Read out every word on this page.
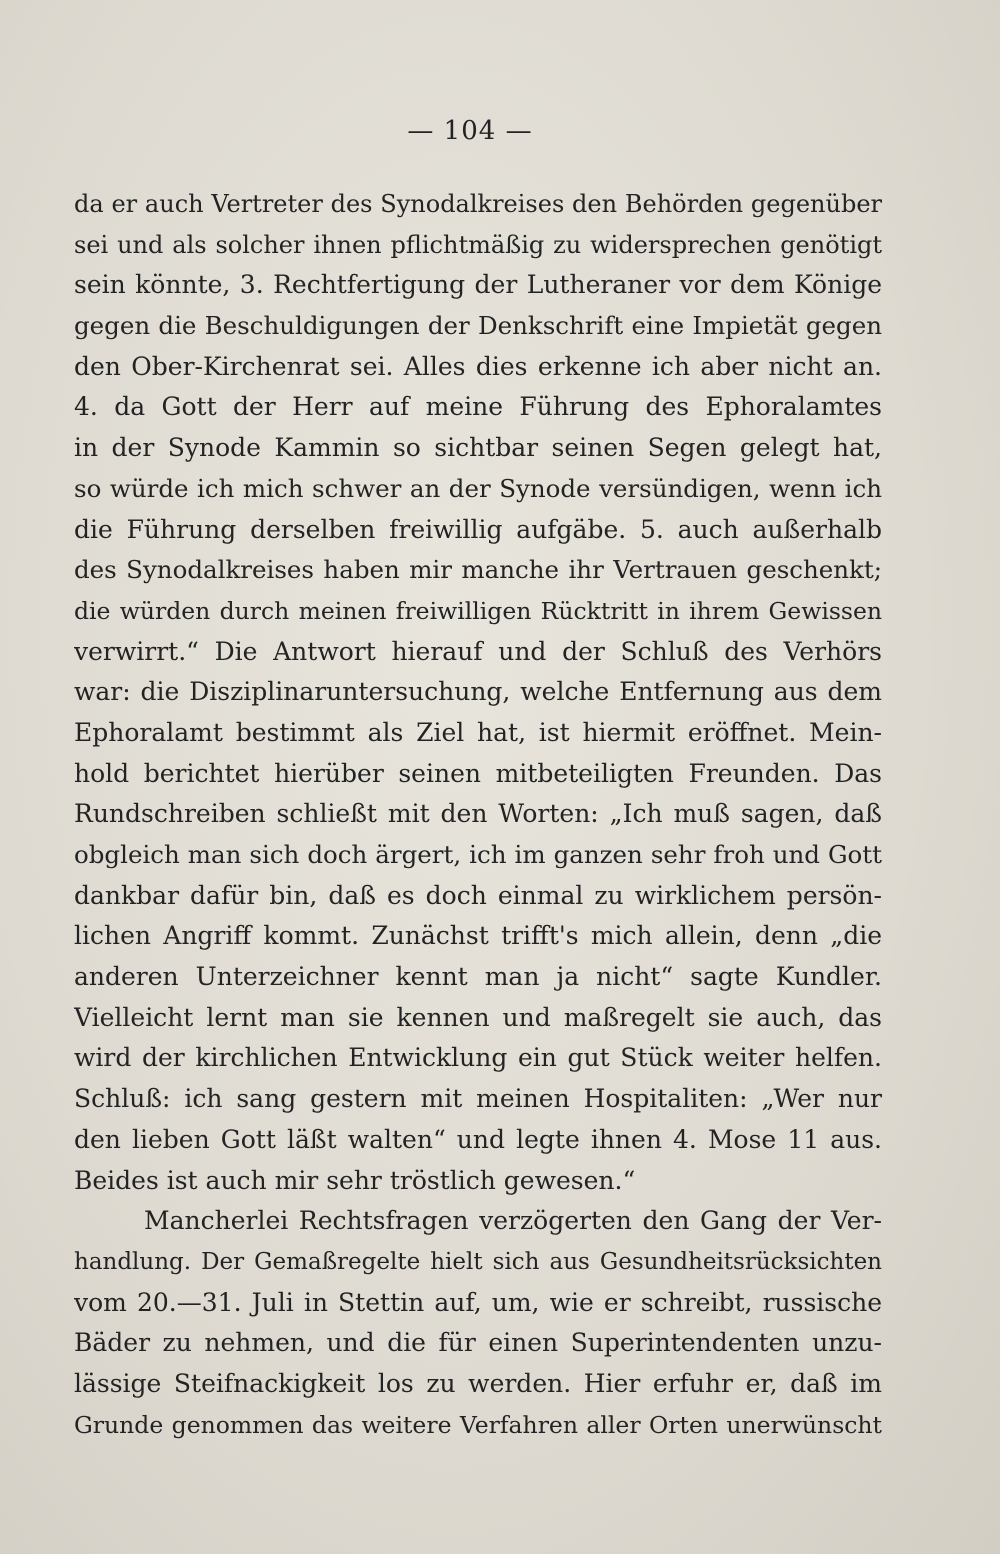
— 104 —
da er auch Vertreter des Synodalkreises den Behörden gegenüber
sei und als solcher ihnen pflichtmäßig zu widersprechen genötigt
sein könnte, 3. Rechtfertigung der Lutheraner vor dem Könige
gegen die Beschuldigungen der Denkschrift eine Impietät gegen
den Ober-Kirchenrat sei. Alles dies erkenne ich aber nicht an.
4. da Gott der Herr auf meine Führung des Ephoralamtes
in der Synode Kammin so sichtbar seinen Segen gelegt hat,
so würde ich mich schwer an der Synode versündigen, wenn ich
die Führung derselben freiwillig aufgäbe. 5. auch außerhalb
des Synodalkreises haben mir manche ihr Vertrauen geschenkt;
die würden durch meinen freiwilligen Rücktritt in ihrem Gewissen
verwirrt.“ Die Antwort hierauf und der Schluß des Verhörs
war: die Disziplinaruntersuchung, welche Entfernung aus dem
Ephoralamt bestimmt als Ziel hat, ist hiermit eröffnet. Mein-
hold berichtet hierüber seinen mitbeteiligten Freunden. Das
Rundschreiben schließt mit den Worten: „Ich muß sagen, daß
obgleich man sich doch ärgert, ich im ganzen sehr froh und Gott
dankbar dafür bin, daß es doch einmal zu wirklichem persön-
lichen Angriff kommt. Zunächst trifft's mich allein, denn „die
anderen Unterzeichner kennt man ja nicht“ sagte Kundler.
Vielleicht lernt man sie kennen und maßregelt sie auch, das
wird der kirchlichen Entwicklung ein gut Stück weiter helfen.
Schluß: ich sang gestern mit meinen Hospitaliten: „Wer nur
den lieben Gott läßt walten“ und legte ihnen 4. Mose 11 aus.
Beides ist auch mir sehr tröstlich gewesen.“
Mancherlei Rechtsfragen verzögerten den Gang der Ver-
handlung. Der Gemaßregelte hielt sich aus Gesundheitsrücksichten
vom 20.—31. Juli in Stettin auf, um, wie er schreibt, russische
Bäder zu nehmen, und die für einen Superintendenten unzu-
lässige Steifnackigkeit los zu werden. Hier erfuhr er, daß im
Grunde genommen das weitere Verfahren aller Orten unerwünscht
